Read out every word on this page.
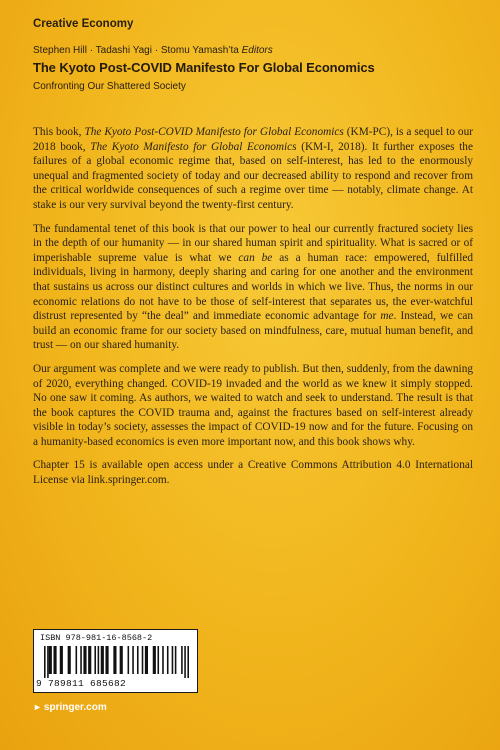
Creative Economy
Stephen Hill · Tadashi Yagi · Stomu Yamash’ta Editors
The Kyoto Post-COVID Manifesto For Global Economics
Confronting Our Shattered Society

This book, The Kyoto Post-COVID Manifesto for Global Economics (KM-PC), is a sequel to our 2018 book, The Kyoto Manifesto for Global Economics (KM-I, 2018). It further exposes the failures of a global economic regime that, based on self-interest, has led to the enormously unequal and fragmented society of today and our decreased ability to respond and recover from the critical worldwide consequences of such a regime over time — notably, climate change. At stake is our very survival beyond the twenty-first century.

The fundamental tenet of this book is that our power to heal our currently fractured society lies in the depth of our humanity — in our shared human spirit and spirituality. What is sacred or of imperishable supreme value is what we can be as a human race: empowered, fulfilled individuals, living in harmony, deeply sharing and caring for one another and the environment that sustains us across our distinct cultures and worlds in which we live. Thus, the norms in our economic relations do not have to be those of self-interest that separates us, the ever-watchful distrust represented by “the deal” and immediate economic advantage for me. Instead, we can build an economic frame for our society based on mindfulness, care, mutual human benefit, and trust — on our shared humanity.

Our argument was complete and we were ready to publish. But then, suddenly, from the dawning of 2020, everything changed. COVID-19 invaded and the world as we knew it simply stopped. No one saw it coming. As authors, we waited to watch and seek to understand. The result is that the book captures the COVID trauma and, against the fractures based on self-interest already visible in today’s society, assesses the impact of COVID-19 now and for the future. Focusing on a humanity-based economics is even more important now, and this book shows why.

Chapter 15 is available open access under a Creative Commons Attribution 4.0 International License via link.springer.com.

ISBN 978-981-16-8568-2
9 789811 685682
► springer.com
